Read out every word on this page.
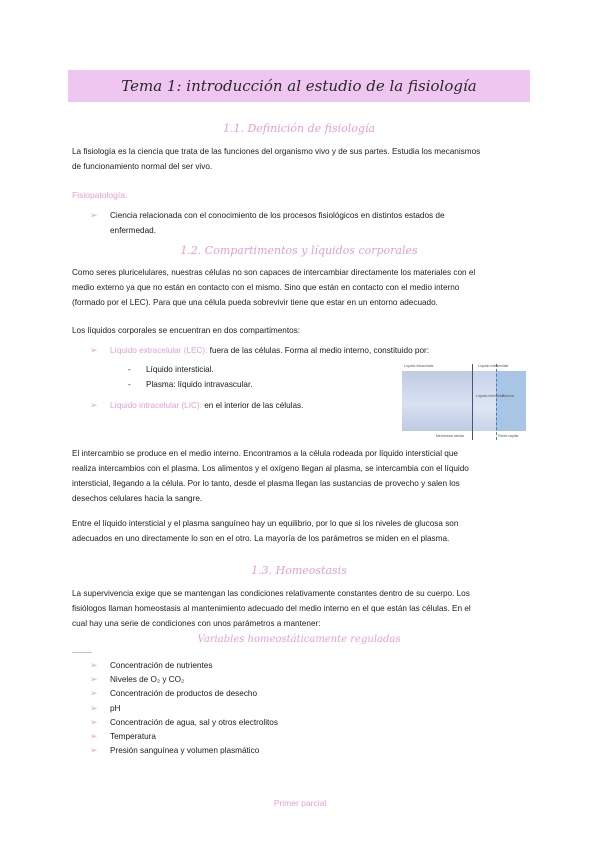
Tema 1: introducción al estudio de la fisiología
1.1. Definición de fisiología
La fisiología es la ciencia que trata de las funciones del organismo vivo y de sus partes. Estudia los mecanismos
de funcionamiento normal del ser vivo.
Fisiopatología:
➢	Ciencia relacionada con el conocimiento de los procesos fisiológicos en distintos estados de
enfermedad.
1.2. Compartimentos y líquidos corporales
Como seres pluricelulares, nuestras células no son capaces de intercambiar directamente los materiales con el
medio externo ya que no están en contacto con el mismo. Sino que están en contacto con el medio interno
(formado por el LEC). Para que una célula pueda sobrevivir tiene que estar en un entorno adecuado.
Los líquidos corporales se encuentran en dos compartimentos:
➢	Líquido extracelular (LEC): fuera de las células. Forma al medio interno, constituido por:
- Líquido intersticial.
- Plasma: líquido intravascular.
➢	Líquido intracelular (LIC): en el interior de las células.
Líquido intracelular	Líquido extracelular
Líquido intersticial
Plasma
Membrana celular	Pared capilar
El intercambio se produce en el medio interno. Encontramos a la célula rodeada por líquido intersticial que
realiza intercambios con el plasma. Los alimentos y el oxígeno llegan al plasma, se intercambia con el líquido
intersticial, llegando a la célula. Por lo tanto, desde el plasma llegan las sustancias de provecho y salen los
desechos celulares hacia la sangre.
Entre el líquido intersticial y el plasma sanguíneo hay un equilibrio, por lo que si los niveles de glucosa son
adecuados en uno directamente lo son en el otro. La mayoría de los parámetros se miden en el plasma.
1.3. Homeostasis
La supervivencia exige que se mantengan las condiciones relativamente constantes dentro de su cuerpo. Los
fisiólogos llaman homeostasis al mantenimiento adecuado del medio interno en el que están las células. En el
cual hay una serie de condiciones con unos parámetros a mantener:
Variables homeostáticamente reguladas
➢	Concentración de nutrientes
➢	Niveles de O₂ y CO₂
➢	Concentración de productos de desecho
➢	pH
➢	Concentración de agua, sal y otros electrolitos
➢	Temperatura
➢	Presión sanguínea y volumen plasmático
Primer parcial
